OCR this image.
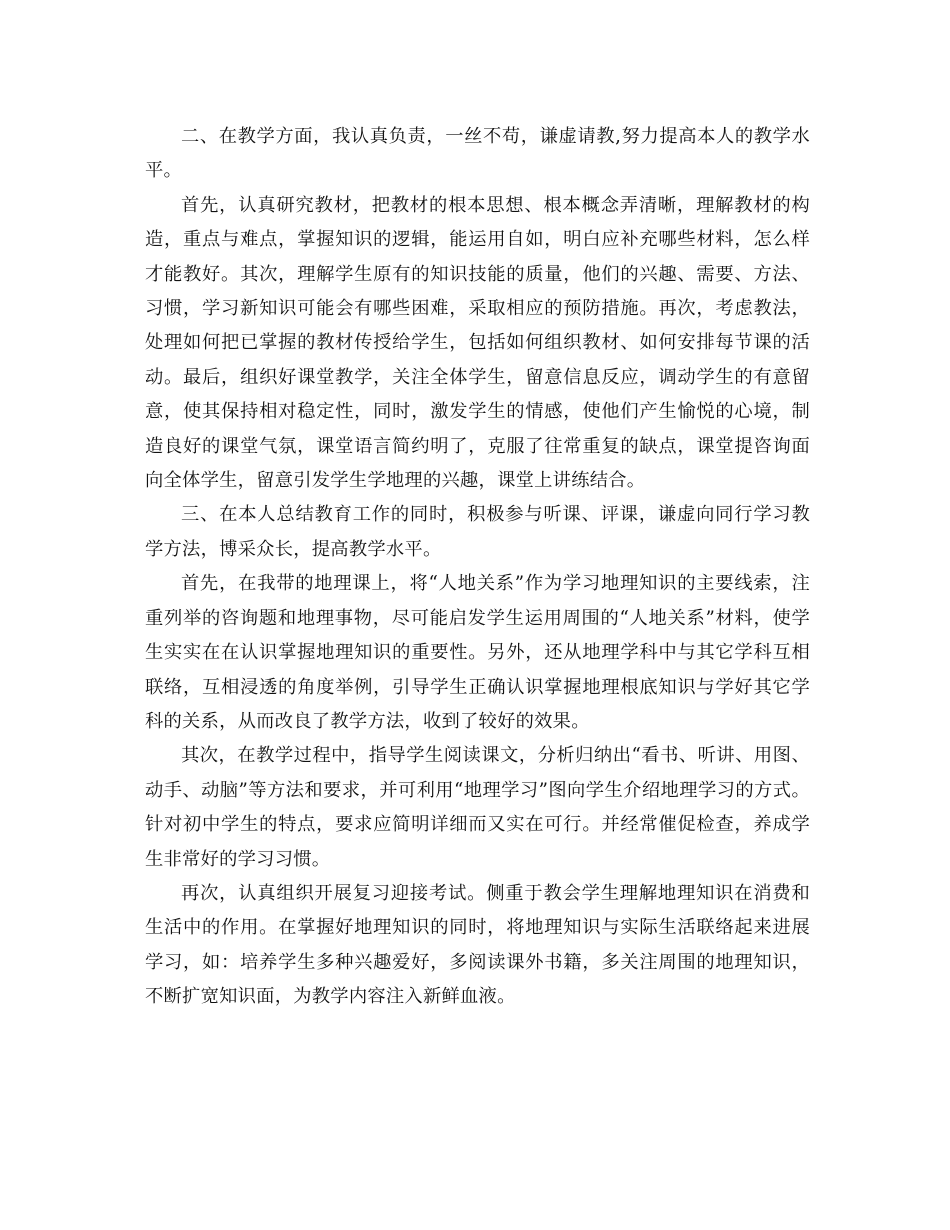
二、在教学方面，我认真负责，一丝不苟，谦虚请教,努力提高本人的教学水平。

首先，认真研究教材，把教材的根本思想、根本概念弄清晰，理解教材的构造，重点与难点，掌握知识的逻辑，能运用自如，明白应补充哪些材料，怎么样才能教好。其次，理解学生原有的知识技能的质量，他们的兴趣、需要、方法、习惯，学习新知识可能会有哪些困难，采取相应的预防措施。再次，考虑教法，处理如何把已掌握的教材传授给学生，包括如何组织教材、如何安排每节课的活动。最后，组织好课堂教学，关注全体学生，留意信息反应，调动学生的有意留意，使其保持相对稳定性，同时，激发学生的情感，使他们产生愉悦的心境，制造良好的课堂气氛，课堂语言简约明了，克服了往常重复的缺点，课堂提咨询面向全体学生，留意引发学生学地理的兴趣，课堂上讲练结合。

三、在本人总结教育工作的同时，积极参与听课、评课，谦虚向同行学习教学方法，博采众长，提高教学水平。

首先，在我带的地理课上，将“人地关系”作为学习地理知识的主要线索，注重列举的咨询题和地理事物，尽可能启发学生运用周围的“人地关系”材料，使学生实实在在认识掌握地理知识的重要性。另外，还从地理学科中与其它学科互相联络，互相浸透的角度举例，引导学生正确认识掌握地理根底知识与学好其它学科的关系，从而改良了教学方法，收到了较好的效果。

其次，在教学过程中，指导学生阅读课文，分析归纳出“看书、听讲、用图、动手、动脑”等方法和要求，并可利用“地理学习”图向学生介绍地理学习的方式。针对初中学生的特点，要求应简明详细而又实在可行。并经常催促检查，养成学生非常好的学习习惯。

再次，认真组织开展复习迎接考试。侧重于教会学生理解地理知识在消费和生活中的作用。在掌握好地理知识的同时，将地理知识与实际生活联络起来进展学习，如：培养学生多种兴趣爱好，多阅读课外书籍，多关注周围的地理知识，不断扩宽知识面，为教学内容注入新鲜血液。
